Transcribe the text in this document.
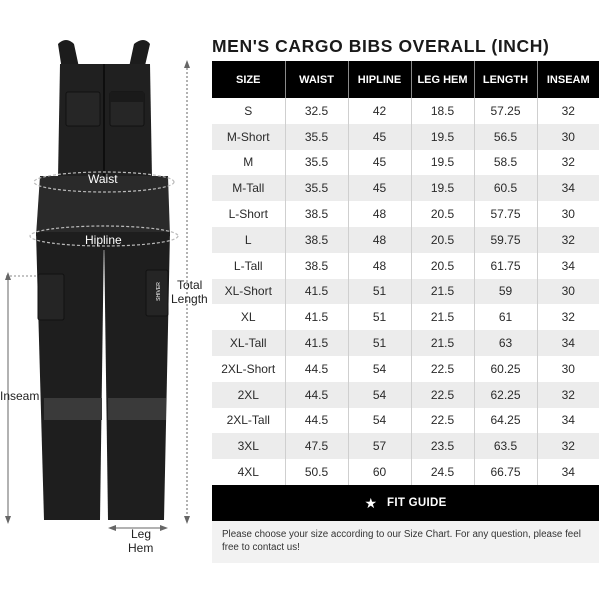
Waist
Hipline
Total
Length
Inseam
Leg
Hem
SHIVER
MEN'S CARGO BIBS OVERALL (INCH)
SIZE	WAIST	HIPLINE	LEG HEM	LENGTH	INSEAM
S	32.5	42	18.5	57.25	32
M-Short	35.5	45	19.5	56.5	30
M	35.5	45	19.5	58.5	32
M-Tall	35.5	45	19.5	60.5	34
L-Short	38.5	48	20.5	57.75	30
L	38.5	48	20.5	59.75	32
L-Tall	38.5	48	20.5	61.75	34
XL-Short	41.5	51	21.5	59	30
XL	41.5	51	21.5	61	32
XL-Tall	41.5	51	21.5	63	34
2XL-Short	44.5	54	22.5	60.25	30
2XL	44.5	54	22.5	62.25	32
2XL-Tall	44.5	54	22.5	64.25	34
3XL	47.5	57	23.5	63.5	32
4XL	50.5	60	24.5	66.75	34
★ FIT GUIDE
Please choose your size according to our Size Chart. For any question, please feel free to contact us!
